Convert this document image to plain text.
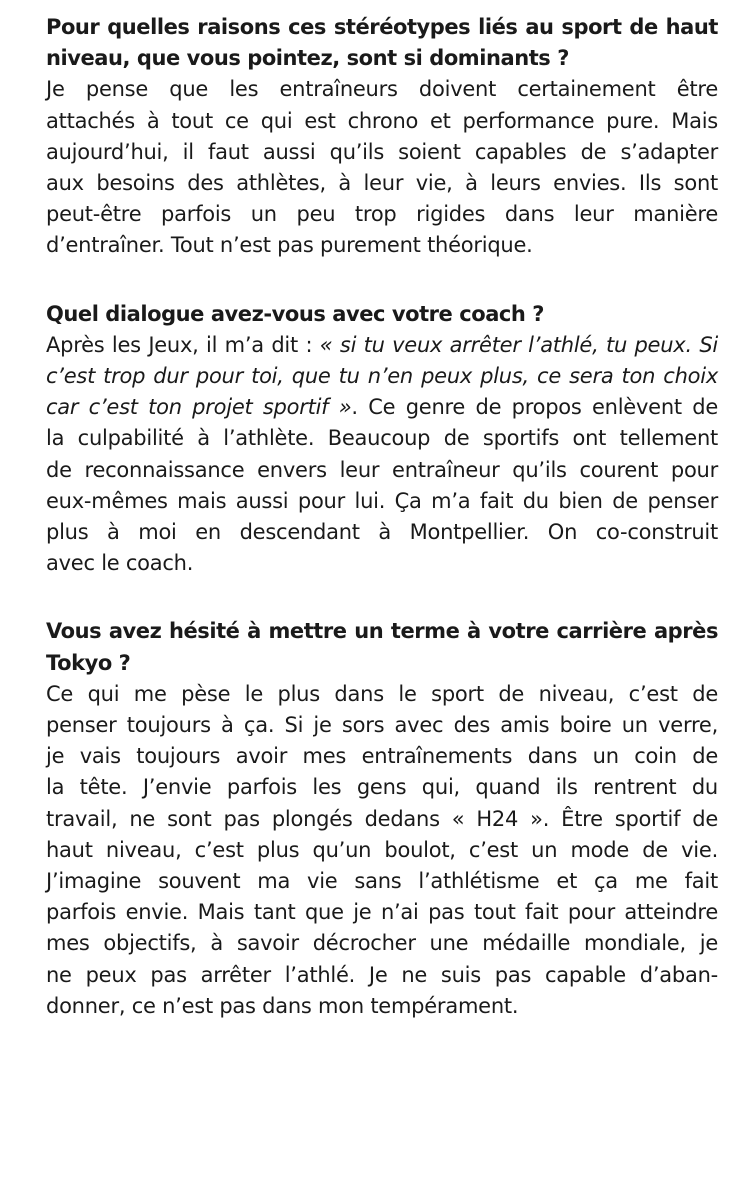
Pour quelles raisons ces stéréotypes liés au sport de haut
niveau, que vous pointez, sont si dominants ?
Je pense que les entraîneurs doivent certainement être
attachés à tout ce qui est chrono et performance pure. Mais
aujourd’hui, il faut aussi qu’ils soient capables de s’adapter
aux besoins des athlètes, à leur vie, à leurs envies. Ils sont
peut-être parfois un peu trop rigides dans leur manière
d’entraîner. Tout n’est pas purement théorique.
Quel dialogue avez-vous avec votre coach ?
Après les Jeux, il m’a dit : « si tu veux arrêter l’athlé, tu peux. Si
c’est trop dur pour toi, que tu n’en peux plus, ce sera ton choix
car c’est ton projet sportif ». Ce genre de propos enlèvent de
la culpabilité à l’athlète. Beaucoup de sportifs ont tellement
de reconnaissance envers leur entraîneur qu’ils courent pour
eux-mêmes mais aussi pour lui. Ça m’a fait du bien de penser
plus à moi en descendant à Montpellier. On co-construit
avec le coach.
Vous avez hésité à mettre un terme à votre carrière après
Tokyo ?
Ce qui me pèse le plus dans le sport de niveau, c’est de
penser toujours à ça. Si je sors avec des amis boire un verre,
je vais toujours avoir mes entraînements dans un coin de
la tête. J’envie parfois les gens qui, quand ils rentrent du
travail, ne sont pas plongés dedans « H24 ». Être sportif de
haut niveau, c’est plus qu’un boulot, c’est un mode de vie.
J’imagine souvent ma vie sans l’athlétisme et ça me fait
parfois envie. Mais tant que je n’ai pas tout fait pour atteindre
mes objectifs, à savoir décrocher une médaille mondiale, je
ne peux pas arrêter l’athlé. Je ne suis pas capable d’aban-
donner, ce n’est pas dans mon tempérament.
